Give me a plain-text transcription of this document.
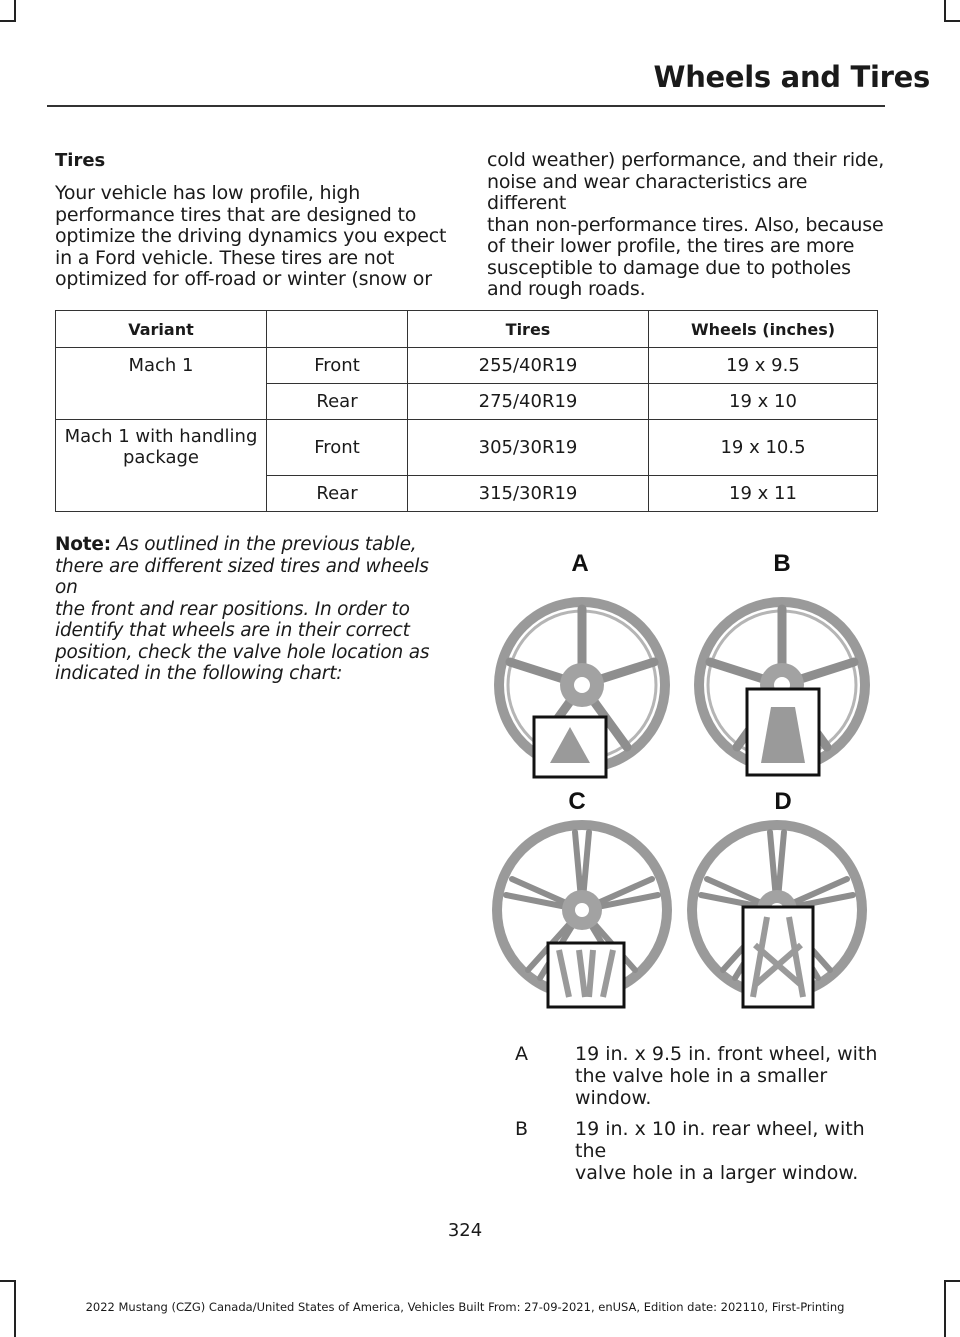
Wheels and Tires
Tires
Your vehicle has low profile, high
performance tires that are designed to
optimize the driving dynamics you expect
in a Ford vehicle. These tires are not
optimized for off-road or winter (snow or
cold weather) performance, and their ride,
noise and wear characteristics are different
than non-performance tires. Also, because
of their lower profile, the tires are more
susceptible to damage due to potholes
and rough roads.
Variant		Tires	Wheels (inches)

Mach 1	Front	255/40R19	19 x 9.5
	Rear	275/40R19	19 x 10

Mach 1 with handling
package	Front	305/30R19	19 x 10.5
	Rear	315/30R19	19 x 11
Note: As outlined in the previous table,
there are different sized tires and wheels on
the front and rear positions. In order to
identify that wheels are in their correct
position, check the valve hole location as
indicated in the following chart:
A	B
C	D
A	19 in. x 9.5 in. front wheel, with
the valve hole in a smaller
window.
B	19 in. x 10 in. rear wheel, with the
valve hole in a larger window.
324
2022 Mustang (CZG) Canada/United States of America, Vehicles Built From: 27-09-2021, enUSA, Edition date: 202110, First-Printing
